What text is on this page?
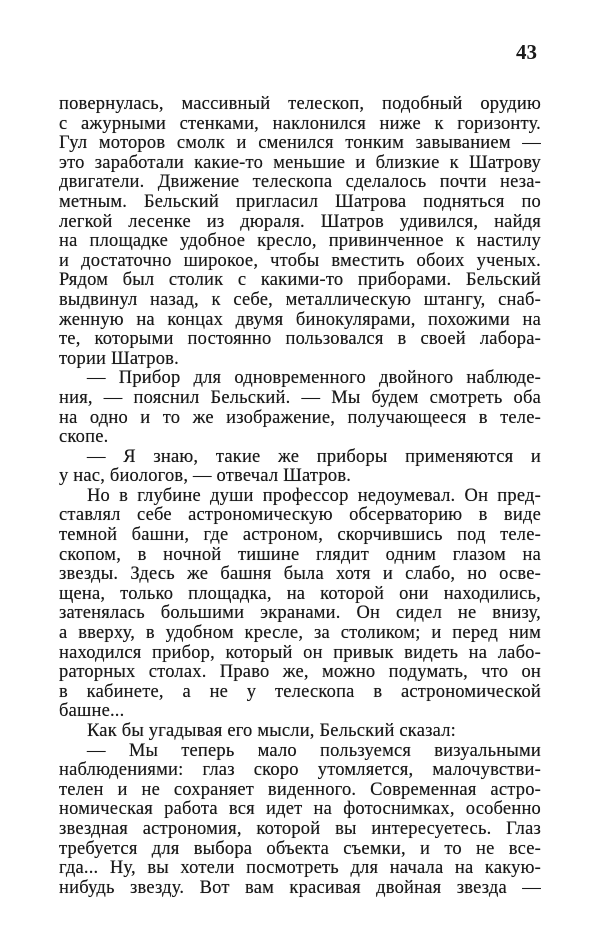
43
повернулась, массивный телескоп, подобный орудию
с ажурными стенками, наклонился ниже к горизонту.
Гул моторов смолк и сменился тонким завыванием —
это заработали какие-то меньшие и близкие к Шатрову
двигатели. Движение телескопа сделалось почти неза-
метным. Бельский пригласил Шатрова подняться по
легкой лесенке из дюраля. Шатров удивился, найдя
на площадке удобное кресло, привинченное к настилу
и достаточно широкое, чтобы вместить обоих ученых.
Рядом был столик с какими-то приборами. Бельский
выдвинул назад, к себе, металлическую штангу, снаб-
женную на концах двумя бинокулярами, похожими на
те, которыми постоянно пользовался в своей лабора-
тории Шатров.
— Прибор для одновременного двойного наблюде-
ния, — пояснил Бельский. — Мы будем смотреть оба
на одно и то же изображение, получающееся в теле-
скопе.
— Я знаю, такие же приборы применяются и
у нас, биологов, — отвечал Шатров.
Но в глубине души профессор недоумевал. Он пред-
ставлял себе астрономическую обсерваторию в виде
темной башни, где астроном, скорчившись под теле-
скопом, в ночной тишине глядит одним глазом на
звезды. Здесь же башня была хотя и слабо, но осве-
щена, только площадка, на которой они находились,
затенялась большими экранами. Он сидел не внизу,
а вверху, в удобном кресле, за столиком; и перед ним
находился прибор, который он привык видеть на лабо-
раторных столах. Право же, можно подумать, что он
в кабинете, а не у телескопа в астрономической
башне...
Как бы угадывая его мысли, Бельский сказал:
— Мы теперь мало пользуемся визуальными
наблюдениями: глаз скоро утомляется, малочувстви-
телен и не сохраняет виденного. Современная астро-
номическая работа вся идет на фотоснимках, особенно
звездная астрономия, которой вы интересуетесь. Глаз
требуется для выбора объекта съемки, и то не все-
гда... Ну, вы хотели посмотреть для начала на какую-
нибудь звезду. Вот вам красивая двойная звезда —
